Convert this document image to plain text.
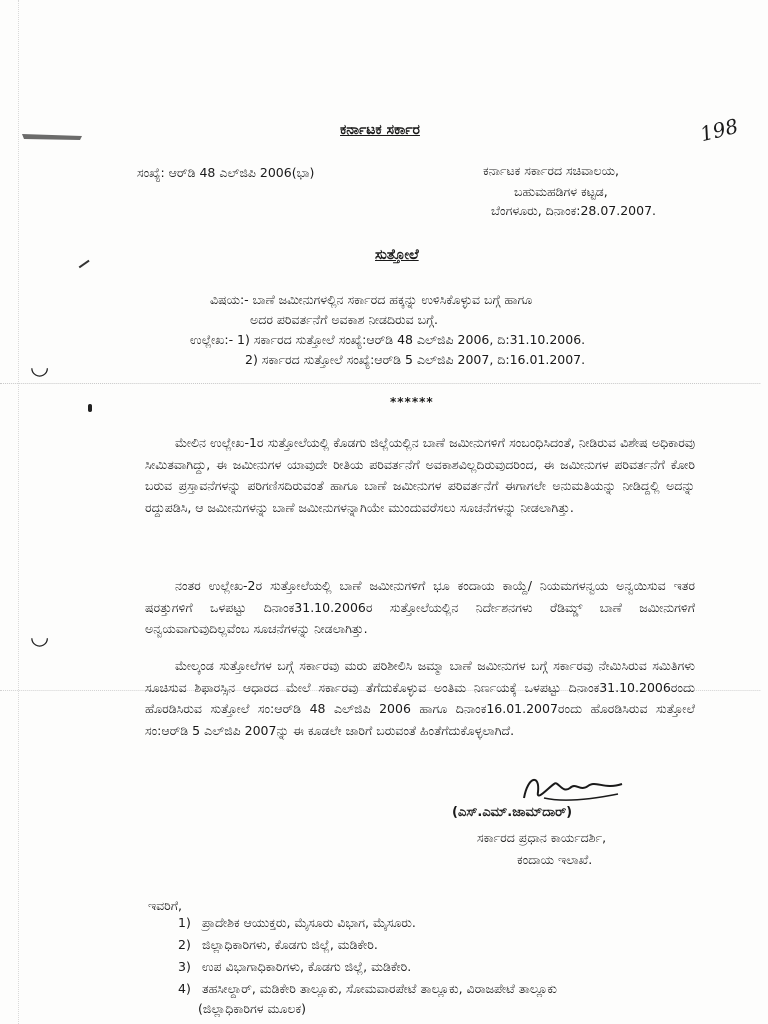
◡
◡
ಕರ್ನಾಟಕ ಸರ್ಕಾರ	198
ಸಂಖ್ಯೆ: ಆರ್‌ಡಿ 48 ಎಲ್‌ಜಿಪಿ 2006(ಭಾ)	ಕರ್ನಾಟಕ ಸರ್ಕಾರದ ಸಚಿವಾಲಯ,
ಬಹುಮಹಡಿಗಳ ಕಟ್ಟಡ,
ಬೆಂಗಳೂರು, ದಿನಾಂಕ:28.07.2007.
ಸುತ್ತೋಲೆ
ವಿಷಯ:- ಬಾಣೆ ಜಮೀನುಗಳಲ್ಲಿನ ಸರ್ಕಾರದ ಹಕ್ಕನ್ನು ಉಳಿಸಿಕೊಳ್ಳುವ ಬಗ್ಗೆ ಹಾಗೂ
ಅದರ ಪರಿವರ್ತನೆಗೆ ಅವಕಾಶ ನೀಡದಿರುವ ಬಗ್ಗೆ.
ಉಲ್ಲೇಖ:- 1) ಸರ್ಕಾರದ ಸುತ್ತೋಲೆ ಸಂಖ್ಯೆ:ಆರ್‌ಡಿ 48 ಎಲ್‌ಜಿಪಿ 2006, ದಿ:31.10.2006.
2) ಸರ್ಕಾರದ ಸುತ್ತೋಲೆ ಸಂಖ್ಯೆ:ಆರ್‌ಡಿ 5 ಎಲ್‌ಜಿಪಿ 2007, ದಿ:16.01.2007.
******
ಮೇಲಿನ ಉಲ್ಲೇಖ-1ರ ಸುತ್ತೋಲೆಯಲ್ಲಿ ಕೊಡಗು ಜಿಲ್ಲೆಯಲ್ಲಿನ ಬಾಣೆ ಜಮೀನುಗಳಿಗೆ ಸಂಬಂಧಿಸಿದಂತೆ, ನೀಡಿರುವ ವಿಶೇಷ ಅಧಿಕಾರವು ಸೀಮಿತವಾಗಿದ್ದು, ಈ ಜಮೀನುಗಳ ಯಾವುದೇ ರೀತಿಯ ಪರಿವರ್ತನೆಗೆ ಅವಕಾಶವಿಲ್ಲದಿರುವುದರಿಂದ, ಈ ಜಮೀನುಗಳ ಪರಿವರ್ತನೆಗೆ ಕೋರಿ ಬರುವ ಪ್ರಸ್ತಾವನೆಗಳನ್ನು ಪರಿಗಣಿಸದಿರುವಂತೆ ಹಾಗೂ ಬಾಣೆ ಜಮೀನುಗಳ ಪರಿವರ್ತನೆಗೆ ಈಗಾಗಲೇ ಅನುಮತಿಯನ್ನು ನೀಡಿದ್ದಲ್ಲಿ ಅದನ್ನು ರದ್ದುಪಡಿಸಿ, ಆ ಜಮೀನುಗಳನ್ನು ಬಾಣೆ ಜಮೀನುಗಳನ್ನಾಗಿಯೇ ಮುಂದುವರೆಸಲು ಸೂಚನೆಗಳನ್ನು ನೀಡಲಾಗಿತ್ತು.
ನಂತರ ಉಲ್ಲೇಖ-2ರ ಸುತ್ತೋಲೆಯಲ್ಲಿ ಬಾಣೆ ಜಮೀನುಗಳಿಗೆ ಭೂ ಕಂದಾಯ ಕಾಯ್ದೆ/ ನಿಯಮಗಳನ್ವಯ ಅನ್ವಯಿಸುವ ಇತರ ಷರತ್ತುಗಳಿಗೆ ಒಳಪಟ್ಟು ದಿನಾಂಕ31.10.2006ರ ಸುತ್ತೋಲೆಯಲ್ಲಿನ ನಿರ್ದೇಶನಗಳು ರೆಡಿಮ್ಡ್ ಬಾಣೆ ಜಮೀನುಗಳಿಗೆ ಅನ್ವಯವಾಗುವುದಿಲ್ಲವೆಂಬ ಸೂಚನೆಗಳನ್ನು ನೀಡಲಾಗಿತ್ತು.
ಮೇಲ್ಕಂಡ ಸುತ್ತೋಲೆಗಳ ಬಗ್ಗೆ ಸರ್ಕಾರವು ಮರು ಪರಿಶೀಲಿಸಿ ಜಮ್ಮಾ ಬಾಣೆ ಜಮೀನುಗಳ ಬಗ್ಗೆ ಸರ್ಕಾರವು ನೇಮಿಸಿರುವ ಸಮಿತಿಗಳು ಸೂಚಿಸುವ ಶಿಫಾರಸ್ಸಿನ ಆಧಾರದ ಮೇಲೆ ಸರ್ಕಾರವು ತೆಗೆದುಕೊಳ್ಳುವ ಅಂತಿಮ ನಿರ್ಣಯಕ್ಕೆ ಒಳಪಟ್ಟು ದಿನಾಂಕ31.10.2006ರಂದು ಹೊರಡಿಸಿರುವ ಸುತ್ತೋಲೆ ಸಂ:ಆರ್‌ಡಿ 48 ಎಲ್‌ಜಿಪಿ 2006 ಹಾಗೂ ದಿನಾಂಕ16.01.2007ರಂದು ಹೊರಡಿಸಿರುವ ಸುತ್ತೋಲೆ ಸಂ:ಆರ್‌ಡಿ 5 ಎಲ್‌ಜಿಪಿ 2007ನ್ನು ಈ ಕೂಡಲೇ ಜಾರಿಗೆ ಬರುವಂತೆ ಹಿಂತೆಗೆದುಕೊಳ್ಳಲಾಗಿದೆ.
(ಎಸ್.ಎಮ್.ಜಾಮ್‌ದಾರ್)
ಸರ್ಕಾರದ ಪ್ರಧಾನ ಕಾರ್ಯದರ್ಶಿ,
ಕಂದಾಯ ಇಲಾಖೆ.
ಇವರಿಗೆ,
1) ಪ್ರಾದೇಶಿಕ ಆಯುಕ್ತರು, ಮೈಸೂರು ವಿಭಾಗ, ಮೈಸೂರು.
2) ಜಿಲ್ಲಾಧಿಕಾರಿಗಳು, ಕೊಡಗು ಜಿಲ್ಲೆ, ಮಡಿಕೇರಿ.
3) ಉಪ ವಿಭಾಗಾಧಿಕಾರಿಗಳು, ಕೊಡಗು ಜಿಲ್ಲೆ, ಮಡಿಕೇರಿ.
4) ತಹಸೀಲ್ದಾರ್, ಮಡಿಕೇರಿ ತಾಲ್ಲೂಕು, ಸೋಮವಾರಪೇಟೆ ತಾಲ್ಲೂಕು, ವಿರಾಜಪೇಟೆ ತಾಲ್ಲೂಕು
(ಜಿಲ್ಲಾಧಿಕಾರಿಗಳ ಮೂಲಕ)
